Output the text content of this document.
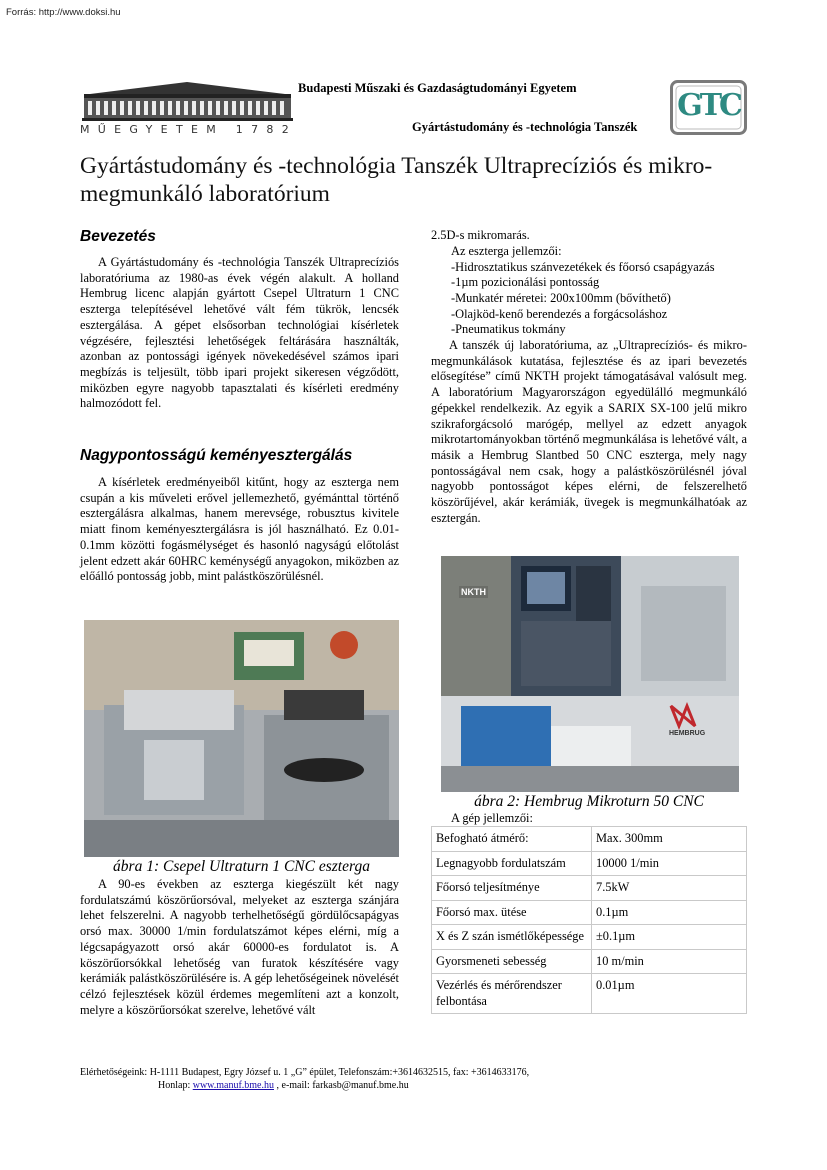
Forrás: http://www.doksi.hu
MŰEGYETEM 1782
Budapesti Műszaki és Gazdaságtudományi Egyetem
Gyártástudomány és -technológia Tanszék
GTC
Gyártástudomány és -technológia Tanszék Ultraprecíziós és mikro-megmunkáló laboratórium
Bevezetés

A Gyártástudomány és -technológia Tanszék Ultraprecíziós laboratóriuma az 1980-as évek végén alakult. A holland Hembrug licenc alapján gyártott Csepel Ultraturn 1 CNC esztergа telepítésével lehetővé vált fém tükrök, lencsék esztergálása. A gépet elsősorban technológiai kísérletek végzésére, fejlesztési lehetőségek feltárására használták, azonban az pontossági igények növekedésével számos ipari megbízás is teljesült, több ipari projekt sikeresen végződött, miközben egyre nagyobb tapasztalati és kísérleti eredmény halmozódott fel.

Nagypontosságú keményesztergálás

A kísérletek eredményeiből kitűnt, hogy az esztergа nem csupán a kis műveleti erővel jellemezhető, gyémánttal történő esztergálásra alkalmas, hanem merevsége, robusztus kivitele miatt finom keményesztergálásra is jól használható. Ez 0.01-0.1mm közötti fogásmélységet és hasonló nagyságú előtolást jelent edzett akár 60HRC keménységű anyagokon, miközben az előálló pontosság jobb, mint palástköszörülésnél.

ábra 1: Csepel Ultraturn 1 CNC esztergа

A 90-es években az esztergа kiegészült két nagy fordulatszámú köszörűorsóval, melyeket az esztergа szánjára lehet felszerelni. A nagyobb terhelhetőségű gördülőcsapágyas orsó max. 30000 1/min fordulatszámot képes elérni, míg a légcsapágyazott orsó akár 60000-es fordulatot is. A köszörűorsókkal lehetőség van furatok készítésére vagy kerámiák palástköszörülésére is. A gép lehetőségeinek növelését célzó fejlesztések közül érdemes megemlíteni azt a konzolt, melyre a köszörűorsókat szerelve, lehetővé vált

2.5D-s mikromarás.

Az esztergа jellemzői:
-Hidrosztatikus szánvezetékek és főorsó csapágyazás
-1µm pozicionálási pontosság
-Munkatér méretei: 200x100mm (bővíthető)
-Olajköd-kenő berendezés a forgácsoláshoz
-Pneumatikus tokmány

A tanszék új laboratóriuma, az „Ultraprecíziós- és mikro-megmunkálások kutatása, fejlesztése és az ipari bevezetés elősegítése” című NKTH projekt támogatásával valósult meg. A laboratórium Magyarországon egyedülálló megmunkáló gépekkel rendelkezik. Az egyik a SARIX SX-100 jelű mikro szikraforgácsoló marógép, mellyel az edzett anyagok mikrotartományokban történő megmunkálása is lehetővé vált, a másik a Hembrug Slantbed 50 CNC esztergа, mely nagy pontosságával nem csak, hogy a palástköszörülésnél jóval nagyobb pontosságot képes elérni, de felszerelhető köszörűjével, akár kerámiák, üvegek is megmunkálhatóak az esztergán.

NKTH
HEMBRUG
ábra 2: Hembrug Mikroturn 50 CNC
A gép jellemzői:
Befogható átmérő:	Max. 300mm
Legnagyobb fordulatszám	10000 1/min
Főorsó teljesítménye	7.5kW
Főorsó max. ütése	0.1µm
X és Z szán ismétlőképessége	±0.1µm
Gyorsmeneti sebesség	10 m/min
Vezérlés és mérőrendszer felbontása	0.01µm
Elérhetőségeink: H-1111 Budapest, Egry József u. 1 „G” épület, Telefonszám:+3614632515, fax: +3614633176,
Honlap: www.manuf.bme.hu , e-mail: farkasb@manuf.bme.hu
